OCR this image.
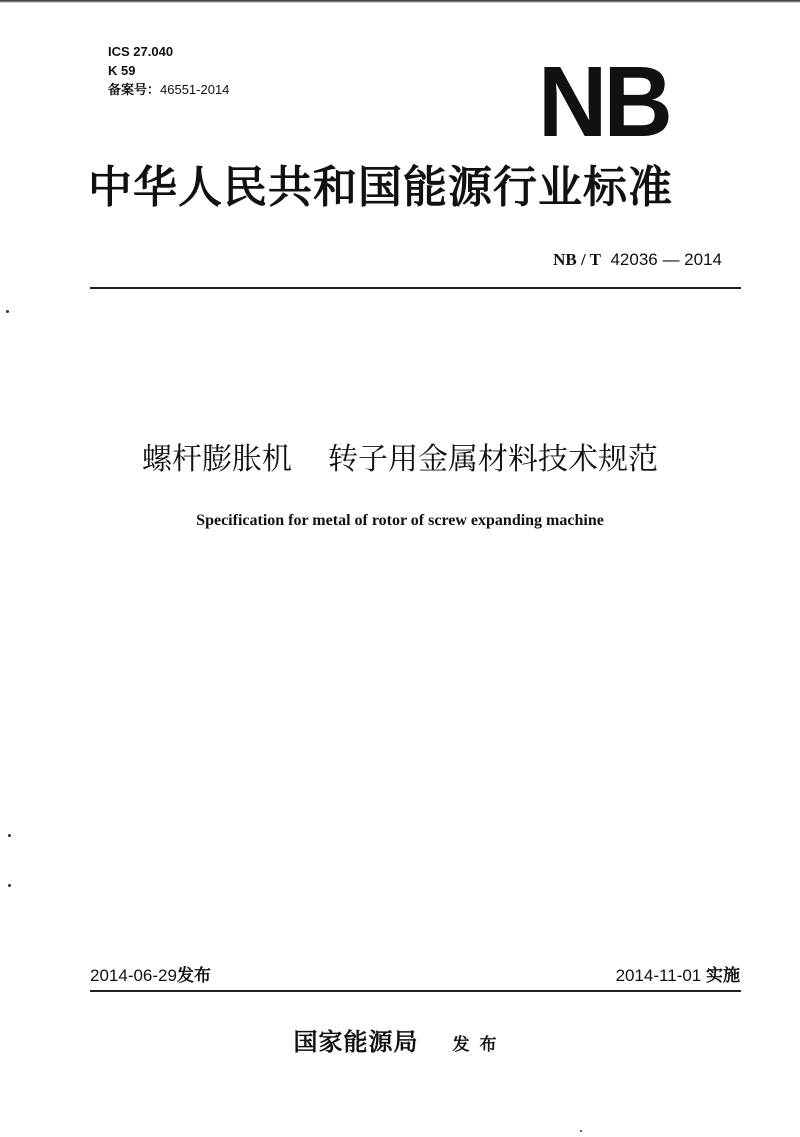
ICS 27.040
K 59
备案号：46551-2014	NB
中华人民共和国能源行业标准
NB / T 42036 — 2014
螺杆膨胀机 转子用金属材料技术规范
Specification for metal of rotor of screw expanding machine
2014-06-29发布	2014-11-01 实施
国家能源局 发布
